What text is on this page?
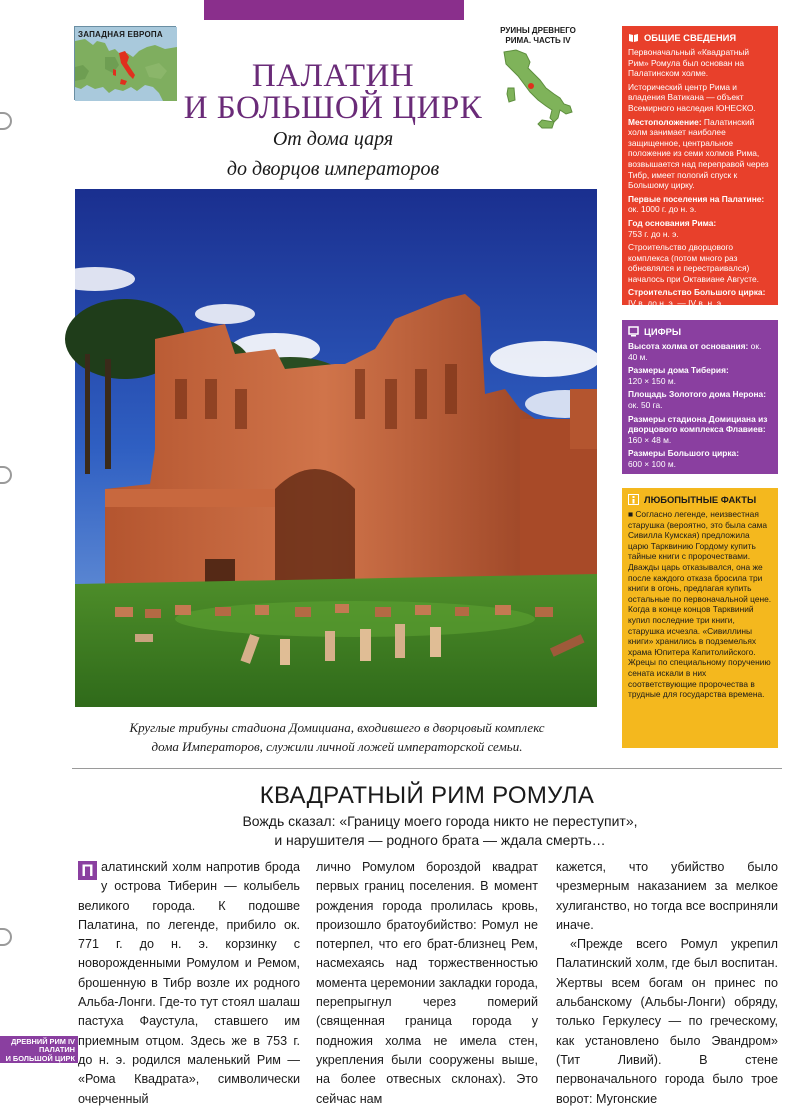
ЗАПАДНАЯ ЕВРОПА	РУИНЫ ДРЕВНЕГО РИМА. ЧАСТЬ IV
ПАЛАТИН
И БОЛЬШОЙ ЦИРК
От дома царя
до дворцов императоров
Круглые трибуны стадиона Домициана, входившего в дворцовый комплекс
дома Императоров, служили личной ложей императорской семьи.
ОБЩИЕ СВЕДЕНИЯ

Первоначальный «Квадратный Рим» Ромула был основан на Палатинском холме.

Исторический центр Рима и владения Ватикана — объект Всемирного наследия ЮНЕСКО.

Местоположение: Палатинский холм занимает наиболее защищенное, центральное положение из семи холмов Рима, возвышается над переправой через Тибр, имеет пологий спуск к Большому цирку.

Первые поселения на Палатине: ок. 1000 г. до н. э.

Год основания Рима:
753 г. до н. э.

Строительство дворцового комплекса (потом много раз обновлялся и перестраивался) началось при Октавиане Августе.

Строительство Большого цирка: IV в. до н. э. — IV в. н. э.

ЦИФРЫ

Высота холма от основания: ок. 40 м.

Размеры дома Тиберия:
120 × 150 м.

Площадь Золотого дома Нерона: ок. 50 га.

Размеры стадиона Домициана из дворцового комплекса Флавиев: 160 × 48 м.

Размеры Большого цирка:
600 × 100 м.

ЛЮБОПЫТНЫЕ ФАКТЫ

■ Согласно легенде, неизвестная старушка (вероятно, это была сама Сивилла Кумская) предложила царю Тарквинию Гордому купить тайные книги с пророчествами. Дважды царь отказывался, она же после каждого отказа бросила три книги в огонь, предлагая купить остальные по первоначальной цене. Когда в конце концов Тарквиний купил последние три книги, старушка исчезла. «Сивиллины книги» хранились в подземельях храма Юпитера Капитолийского. Жрецы по специальному поручению сената искали в них соответствующие пророчества в трудные для государства времена.

КВАДРАТНЫЙ РИМ РОМУЛА
Вождь сказал: «Границу моего города никто не переступит»,
и нарушителя — родного брата — ждала смерть…
П алатинский холм напротив брода у острова Тиберин — колыбель великого города. К подошве Палатина, по легенде, прибило ок. 771 г. до н. э. корзинку с новорожденными Ромулом и Ремом, брошенную в Тибр возле их родного Альба-Лонги. Где-то тут стоял шалаш пастуха Фаустула, ставшего им приемным отцом. Здесь же в 753 г. до н. э. родился маленький Рим — «Рома Квадрата», символически очерченный
лично Ромулом бороздой квадрат первых границ поселения. В момент рождения города пролилась кровь, произошло братоубийство: Ромул не потерпел, что его брат-близнец Рем, насмехаясь над торжественностью момента церемонии закладки города, перепрыгнул через померий (священная граница города у подножия холма не имела стен, укрепления были сооружены выше, на более отвесных склонах). Это сейчас нам

кажется, что убийство было чрезмерным наказанием за мелкое хулиганство, но тогда все восприняли иначе.

«Прежде всего Ромул укрепил Палатинский холм, где был воспитан. Жертвы всем богам он принес по альбанскому (Альбы-Лонги) обряду, только Геркулесу — по греческому, как установлено было Эвандром» (Тит Ливий). В стене первоначального города было трое ворот: Мугонские

ДРЕВНИЙ РИМ IV
ПАЛАТИН
И БОЛЬШОЙ ЦИРК 1
